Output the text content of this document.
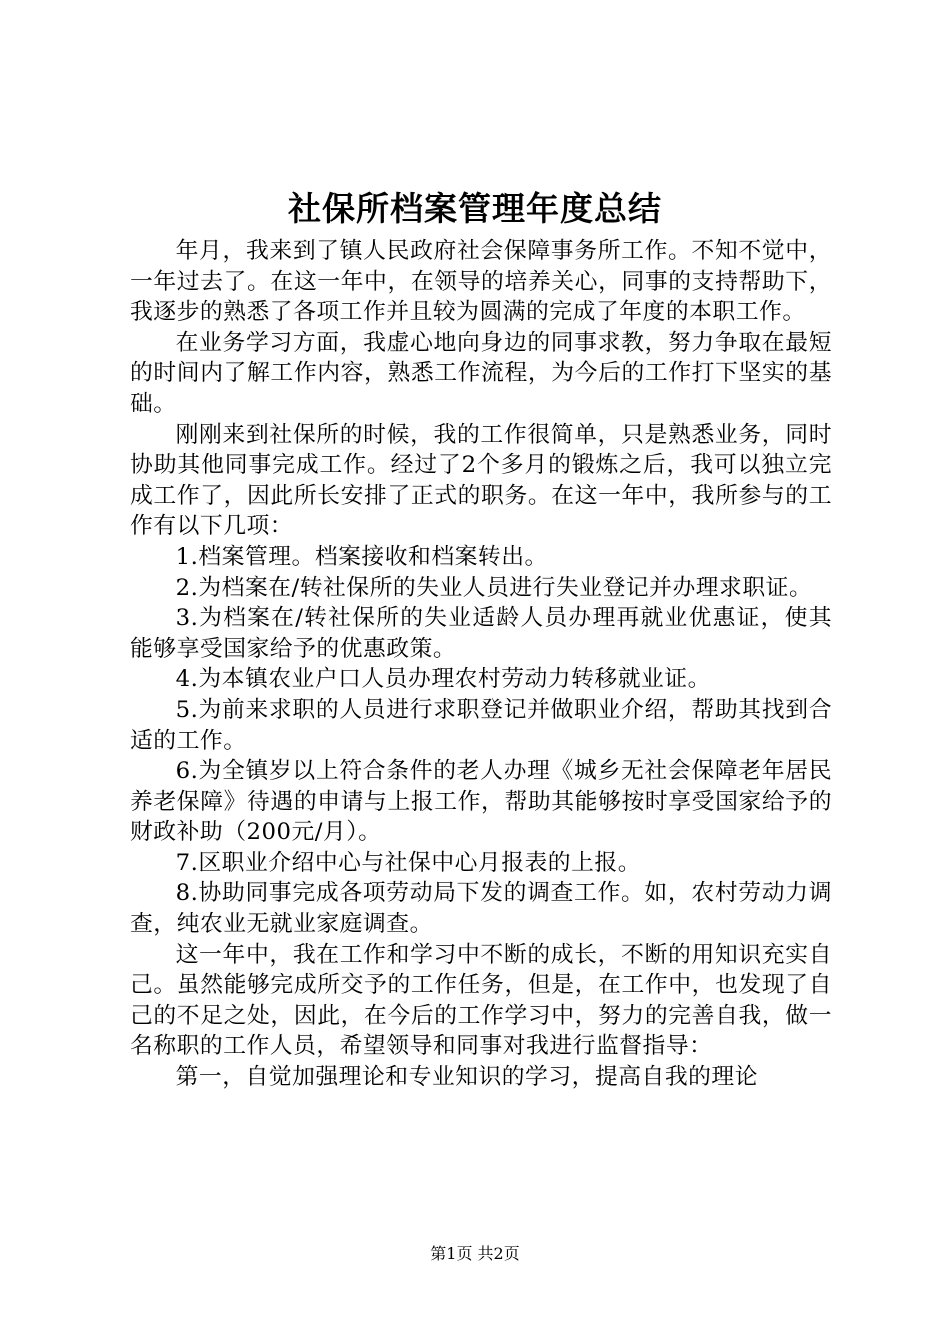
社保所档案管理年度总结

年月，我来到了镇人民政府社会保障事务所工作。不知不觉中，一年过去了。在这一年中，在领导的培养关心，同事的支持帮助下，我逐步的熟悉了各项工作并且较为圆满的完成了年度的本职工作。

在业务学习方面，我虚心地向身边的同事求教，努力争取在最短的时间内了解工作内容，熟悉工作流程，为今后的工作打下坚实的基础。

刚刚来到社保所的时候，我的工作很简单，只是熟悉业务，同时协助其他同事完成工作。经过了2个多月的锻炼之后，我可以独立完成工作了，因此所长安排了正式的职务。在这一年中，我所参与的工作有以下几项：

1.档案管理。档案接收和档案转出。

2.为档案在/转社保所的失业人员进行失业登记并办理求职证。

3.为档案在/转社保所的失业适龄人员办理再就业优惠证，使其能够享受国家给予的优惠政策。

4.为本镇农业户口人员办理农村劳动力转移就业证。

5.为前来求职的人员进行求职登记并做职业介绍，帮助其找到合适的工作。

6.为全镇岁以上符合条件的老人办理《城乡无社会保障老年居民养老保障》待遇的申请与上报工作，帮助其能够按时享受国家给予的财政补助（200元/月）。

7.区职业介绍中心与社保中心月报表的上报。

8.协助同事完成各项劳动局下发的调查工作。如，农村劳动力调查，纯农业无就业家庭调查。

这一年中，我在工作和学习中不断的成长，不断的用知识充实自己。虽然能够完成所交予的工作任务，但是，在工作中，也发现了自己的不足之处，因此，在今后的工作学习中，努力的完善自我，做一名称职的工作人员，希望领导和同事对我进行监督指导：

第一，自觉加强理论和专业知识的学习，提高自我的理论

第1页 共2页
